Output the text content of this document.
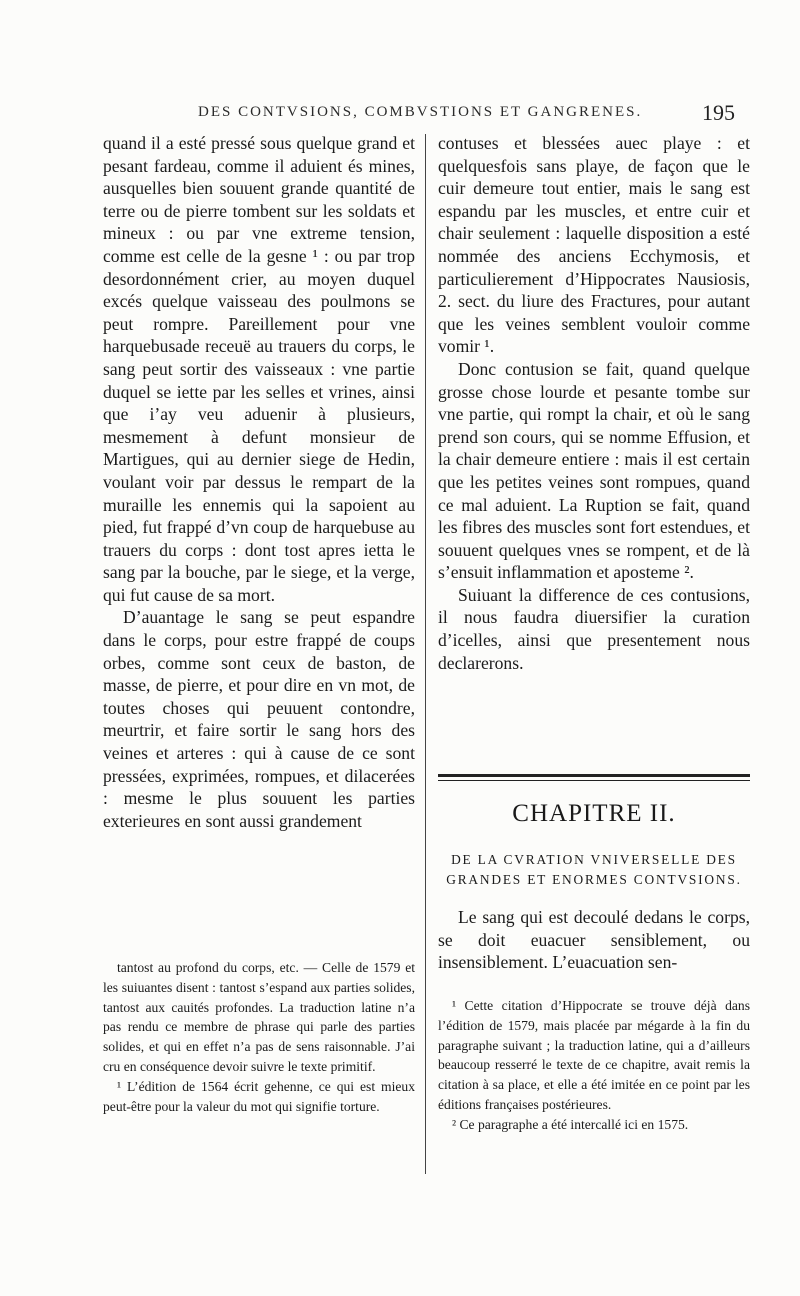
DES CONTVSIONS, COMBVSTIONS ET GANGRENES.	195

quand il a esté pressé sous quelque grand et pesant fardeau, comme il aduient és mines, ausquelles bien souuent grande quantité de terre ou de pierre tombent sur les soldats et mineux : ou par vne extreme tension, comme est celle de la gesne ¹ : ou par trop desordonnément crier, au moyen duquel excés quelque vaisseau des poulmons se peut rompre. Pareillement pour vne harquebusade receuë au trauers du corps, le sang peut sortir des vaisseaux : vne partie duquel se iette par les selles et vrines, ainsi que i’ay veu aduenir à plusieurs, mesmement à defunt monsieur de Martigues, qui au dernier siege de Hedin, voulant voir par dessus le rempart de la muraille les ennemis qui la sapoient au pied, fut frappé d’vn coup de harquebuse au trauers du corps : dont tost apres ietta le sang par la bouche, par le siege, et la verge, qui fut cause de sa mort.

D’auantage le sang se peut espandre dans le corps, pour estre frappé de coups orbes, comme sont ceux de baston, de masse, de pierre, et pour dire en vn mot, de toutes choses qui peuuent contondre, meurtrir, et faire sortir le sang hors des veines et arteres : qui à cause de ce sont pressées, exprimées, rompues, et dilacerées : mesme le plus souuent les parties exterieures en sont aussi grandement

contuses et blessées auec playe : et quelquesfois sans playe, de façon que le cuir demeure tout entier, mais le sang est espandu par les muscles, et entre cuir et chair seulement : laquelle disposition a esté nommée des anciens Ecchymosis, et particulierement d’Hippocrates Nausiosis, 2. sect. du liure des Fractures, pour autant que les veines semblent vouloir comme vomir ¹.

Donc contusion se fait, quand quelque grosse chose lourde et pesante tombe sur vne partie, qui rompt la chair, et où le sang prend son cours, qui se nomme Effusion, et la chair demeure entiere : mais il est certain que les petites veines sont rompues, quand ce mal aduient. La Ruption se fait, quand les fibres des muscles sont fort estendues, et souuent quelques vnes se rompent, et de là s’ensuit inflammation et aposteme ².

Suiuant la difference de ces contusions, il nous faudra diuersifier la curation d’icelles, ainsi que presentement nous declarerons.

CHAPITRE II.
DE LA CVRATION VNIVERSELLE DES GRANDES ET ENORMES CONTVSIONS.

Le sang qui est decoulé dedans le corps, se doit euacuer sensiblement, ou insensiblement. L’euacuation sen-

tantost au profond du corps, etc. — Celle de 1579 et les suiuantes disent : tantost s’espand aux parties solides, tantost aux cauités profondes. La traduction latine n’a pas rendu ce membre de phrase qui parle des parties solides, et qui en effet n’a pas de sens raisonnable. J’ai cru en conséquence devoir suivre le texte primitif.

¹ L’édition de 1564 écrit gehenne, ce qui est mieux peut-être pour la valeur du mot qui signifie torture.

¹ Cette citation d’Hippocrate se trouve déjà dans l’édition de 1579, mais placée par mégarde à la fin du paragraphe suivant ; la traduction latine, qui a d’ailleurs beaucoup resserré le texte de ce chapitre, avait remis la citation à sa place, et elle a été imitée en ce point par les éditions françaises postérieures.

² Ce paragraphe a été intercallé ici en 1575.
